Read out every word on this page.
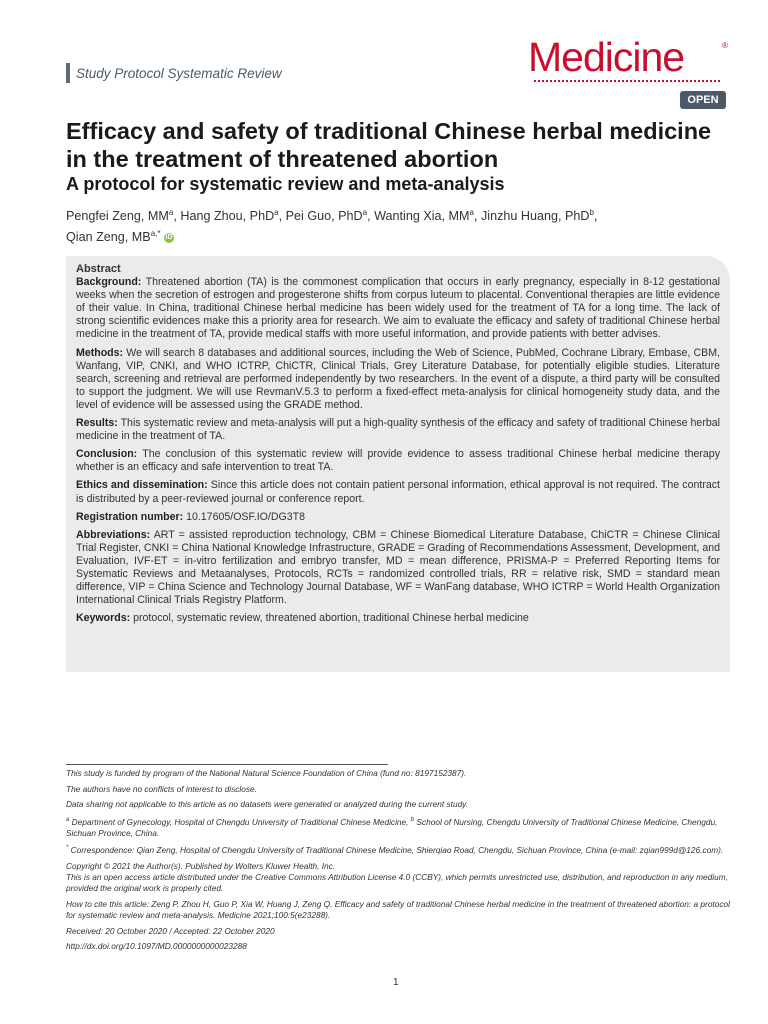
Study Protocol Systematic Review	Medicine	®
OPEN
Efficacy and safety of traditional Chinese herbal medicine in the treatment of threatened abortion
A protocol for systematic review and meta-analysis
Pengfei Zeng, $MM^a$, Hang Zhou, PhD$^a$, Pei Guo, PhD$^a$, Wanting Xia, $MM^a$, Jinzhu Huang, PhD$^b$,
Qian Zeng, $MB^{a,*}$ iD

Abstract

Background: Threatened abortion (TA) is the commonest complication that occurs in early pregnancy, especially in 8-12 gestational weeks when the secretion of estrogen and progesterone shifts from corpus luteum to placental. Conventional therapies are little evidence of their value. In China, traditional Chinese herbal medicine has been widely used for the treatment of TA for a long time. The lack of strong scientific evidences make this a priority area for research. We aim to evaluate the efficacy and safety of traditional Chinese herbal medicine in the treatment of TA, provide medical staffs with more useful information, and provide patients with better advises.

Methods: We will search 8 databases and additional sources, including the Web of Science, PubMed, Cochrane Library, Embase, CBM, Wanfang, VIP, CNKI, and WHO ICTRP, ChiCTR, Clinical Trials, Grey Literature Database, for potentially eligible studies. Literature search, screening and retrieval are performed independently by two researchers. In the event of a dispute, a third party will be consulted to support the judgment. We will use RevmanV.5.3 to perform a fixed-effect meta-analysis for clinical homogeneity study data, and the level of evidence will be assessed using the GRADE method.

Results: This systematic review and meta-analysis will put a high-quality synthesis of the efficacy and safety of traditional Chinese herbal medicine in the treatment of TA.

Conclusion: The conclusion of this systematic review will provide evidence to assess traditional Chinese herbal medicine therapy whether is an efficacy and safe intervention to treat TA.

Ethics and dissemination: Since this article does not contain patient personal information, ethical approval is not required. The contract is distributed by a peer-reviewed journal or conference report.

Registration number: 10.17605/OSF.IO/DG3T8

Abbreviations: ART = assisted reproduction technology, CBM = Chinese Biomedical Literature Database, ChiCTR = Chinese Clinical Trial Register, CNKI = China National Knowledge Infrastructure, GRADE = Grading of Recommendations Assessment, Development, and Evaluation, IVF-ET = in-vitro fertilization and embryo transfer, MD = mean difference, PRISMA-P = Preferred Reporting Items for Systematic Reviews and Metaanalyses, Protocols, RCTs = randomized controlled trials, RR = relative risk, SMD = standard mean difference, VIP = China Science and Technology Journal Database, WF = WanFang database, WHO ICTRP = World Health Organization International Clinical Trials Registry Platform.

Keywords: protocol, systematic review, threatened abortion, traditional Chinese herbal medicine

This study is funded by program of the National Natural Science Foundation of China (fund no: 8197152387).

The authors have no conflicts of interest to disclose.

Data sharing not applicable to this article as no datasets were generated or analyzed during the current study.

$^a$ Department of Gynecology, Hospital of Chengdu University of Traditional Chinese Medicine, $^b$ School of Nursing, Chengdu University of Traditional Chinese Medicine, Chengdu, Sichuan Province, China.

* Correspondence: Qian Zeng, Hospital of Chengdu University of Traditional Chinese Medicine, Shierqiao Road, Chengdu, Sichuan Province, China (e-mail: zqian999d@126.com).

Copyright © 2021 the Author(s). Published by Wolters Kluwer Health, Inc.
This is an open access article distributed under the Creative Commons Attribution License 4.0 (CCBY), which permits unrestricted use, distribution, and reproduction in any medium, provided the original work is properly cited.

How to cite this article: Zeng P, Zhou H, Guo P, Xia W, Huang J, Zeng Q. Efficacy and safety of traditional Chinese herbal medicine in the treatment of threatened abortion: a protocol for systematic review and meta-analysis. Medicine 2021;100:5(e23288).

Received: 20 October 2020 / Accepted: 22 October 2020

http://dx.doi.org/10.1097/MD.0000000000023288

1
